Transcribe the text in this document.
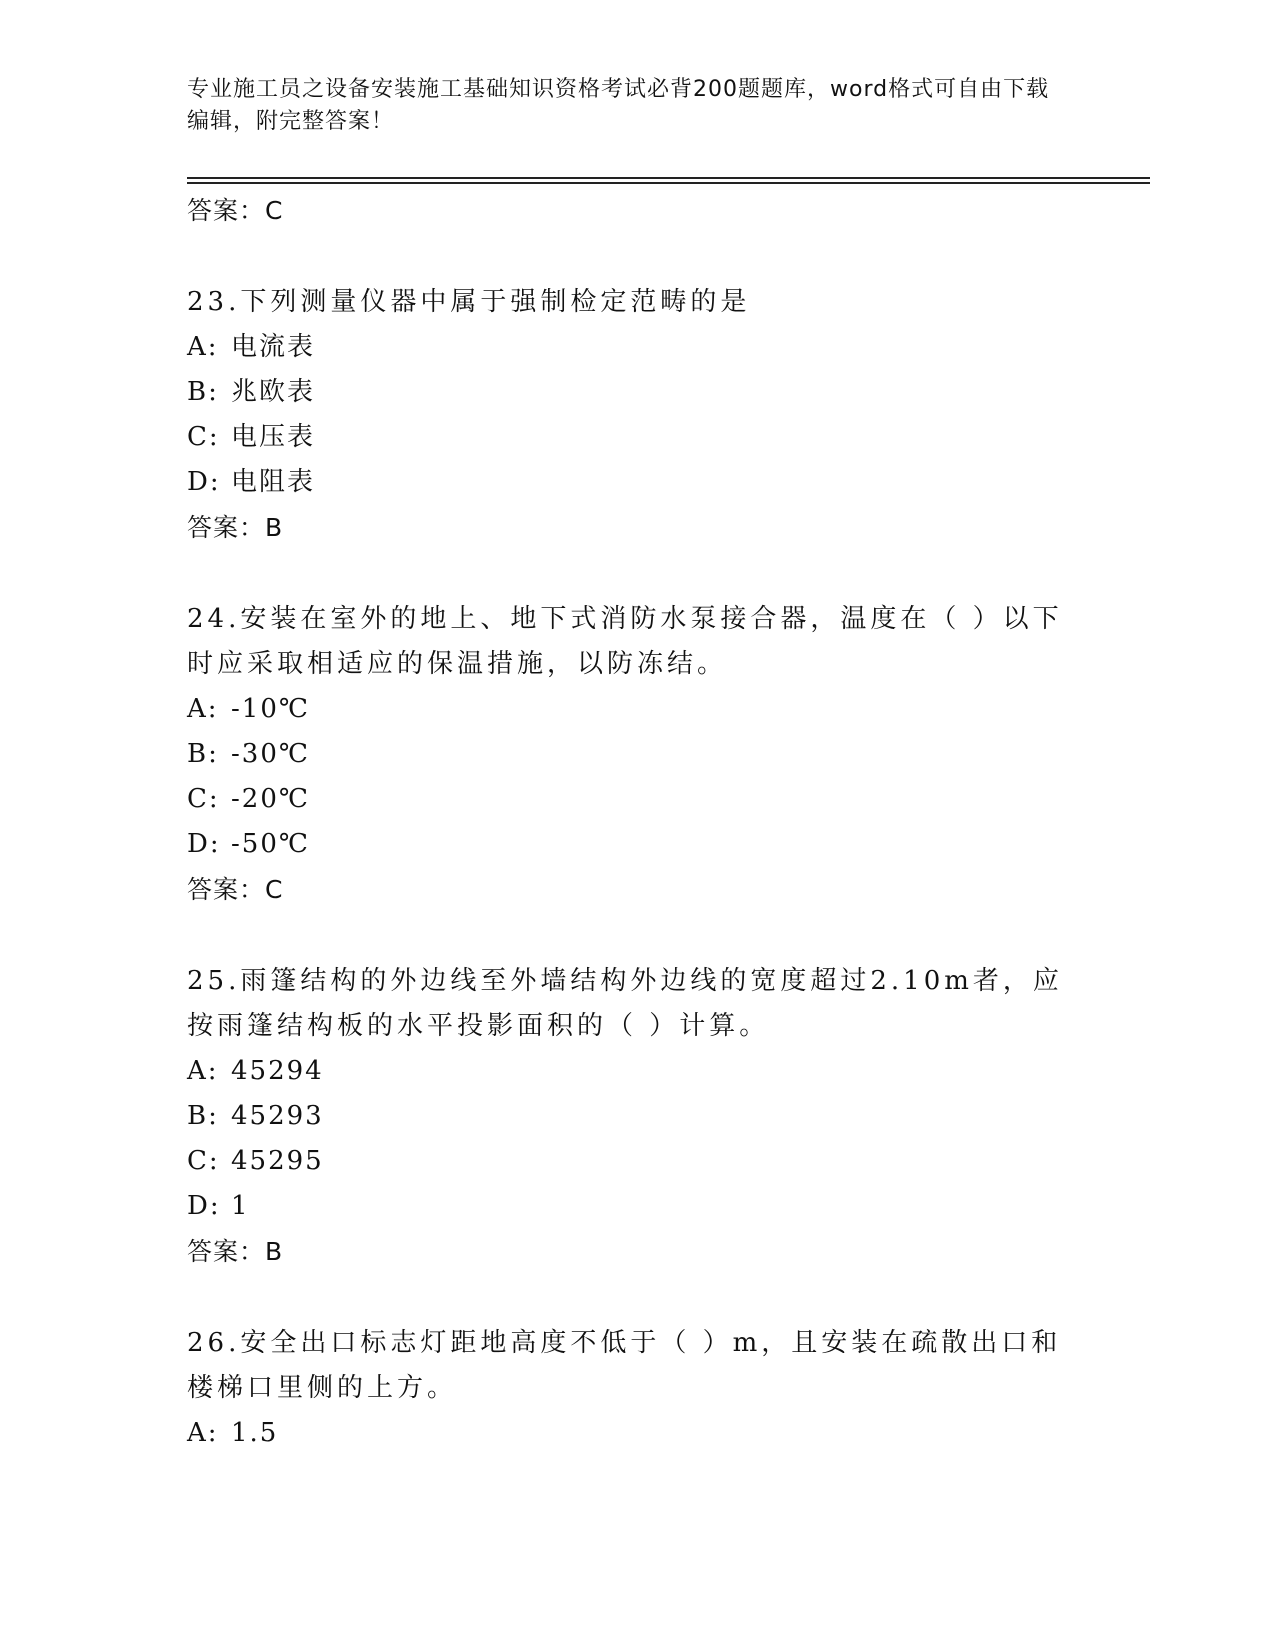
专业施工员之设备安装施工基础知识资格考试必背200题题库，word格式可自由下载编辑，附完整答案！
答案：C
23.下列测量仪器中属于强制检定范畴的是
A: 电流表
B: 兆欧表
C: 电压表
D: 电阻表
答案：B
24.安装在室外的地上、地下式消防水泵接合器，温度在（ ）以下时应采取相适应的保温措施，以防冻结。
A: -10℃
B: -30℃
C: -20℃
D: -50℃
答案：C
25.雨篷结构的外边线至外墙结构外边线的宽度超过2.10m者，应按雨篷结构板的水平投影面积的（ ）计算。
A: 45294
B: 45293
C: 45295
D: 1
答案：B
26.安全出口标志灯距地高度不低于（ ）m，且安装在疏散出口和楼梯口里侧的上方。
A: 1.5
